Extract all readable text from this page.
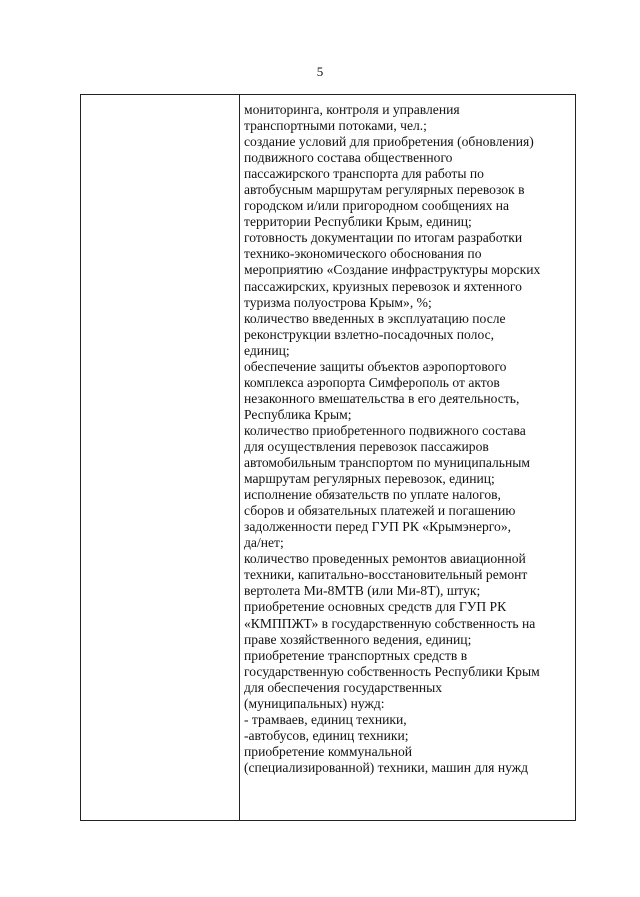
5
мониторинга, контроля и управления
транспортными потоками, чел.;
создание условий для приобретения (обновления)
подвижного состава общественного
пассажирского транспорта для работы по
автобусным маршрутам регулярных перевозок в
городском и/или пригородном сообщениях на
территории Республики Крым, единиц;
готовность документации по итогам разработки
технико-экономического обоснования по
мероприятию «Создание инфраструктуры морских
пассажирских, круизных перевозок и яхтенного
туризма полуострова Крым», %;
количество введенных в эксплуатацию после
реконструкции взлетно-посадочных полос,
единиц;
обеспечение защиты объектов аэропортового
комплекса аэропорта Симферополь от актов
незаконного вмешательства в его деятельность,
Республика Крым;
количество приобретенного подвижного состава
для осуществления перевозок пассажиров
автомобильным транспортом по муниципальным
маршрутам регулярных перевозок, единиц;
исполнение обязательств по уплате налогов,
сборов и обязательных платежей и погашению
задолженности перед ГУП РК «Крымэнерго»,
да/нет;
количество проведенных ремонтов авиационной
техники, капитально-восстановительный ремонт
вертолета Ми-8МТВ (или Ми-8Т), штук;
приобретение основных средств для ГУП РК
«КМППЖТ» в государственную собственность на
праве хозяйственного ведения, единиц;
приобретение транспортных средств в
государственную собственность Республики Крым
для обеспечения государственных
(муниципальных) нужд:
- трамваев, единиц техники,
-автобусов, единиц техники;
приобретение коммунальной
(специализированной) техники, машин для нужд
